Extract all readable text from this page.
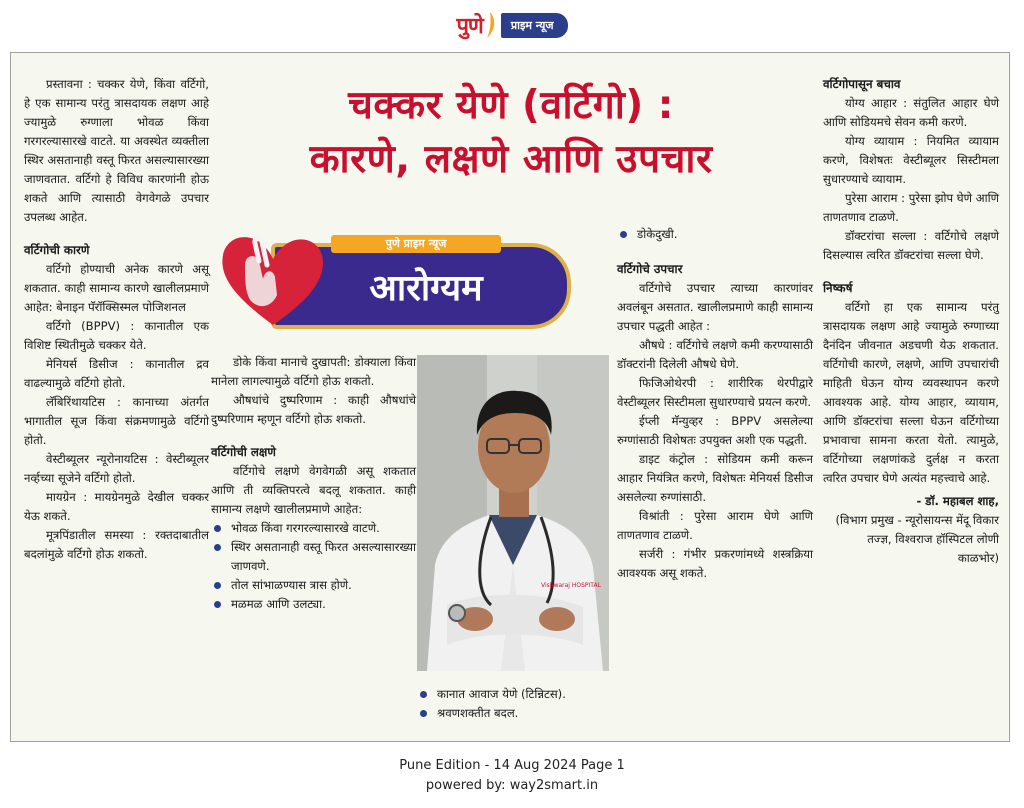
पुणे	प्राइम न्यूज

प्रस्तावना : चक्कर येणे, किंवा वर्टिगो, हे एक सामान्य परंतु त्रासदायक लक्षण आहे ज्यामुळे रुग्णाला भोवळ किंवा गरगरल्यासारखे वाटते. या अवस्थेत व्यक्तीला स्थिर असतानाही वस्तू फिरत असल्यासारख्या जाणवतात. वर्टिगो हे विविध कारणांनी होऊ शकते आणि त्यासाठी वेगवेगळे उपचार उपलब्ध आहेत.

वर्टिगोची कारणे

वर्टिगो होण्याची अनेक कारणे असू शकतात. काही सामान्य कारणे खालीलप्रमाणे आहेत: बेनाइन पॅरॉक्सिस्मल पोजिशनल

वर्टिगो (BPPV) : कानातील एक विशिष्ट स्थितीमुळे चक्कर येते.

मेनियर्स डिसीज : कानातील द्रव वाढल्यामुळे वर्टिगो होतो.

लॅबिरिंथायटिस : कानाच्या अंतर्गत भागातील सूज किंवा संक्रमणामुळे वर्टिगो होतो.

वेस्टीब्यूलर न्यूरोनायटिस : वेस्टीब्यूलर नर्व्हच्या सूजेने वर्टिगो होतो.

मायग्रेन : मायग्रेनमुळे देखील चक्कर येऊ शकते.

मूत्रपिंडातील समस्या : रक्तदाबातील बदलांमुळे वर्टिगो होऊ शकतो.

चक्कर येणे (वर्टिगो) :
कारणे, लक्षणे आणि उपचार
पुणे प्राइम न्यूज
आरोग्यम

डोके किंवा मानाचे दुखापती: डोक्याला किंवा मानेला लागल्यामुळे वर्टिगो होऊ शकतो.

औषधांचे दुष्परिणाम : काही औषधांचे दुष्परिणाम म्हणून वर्टिगो होऊ शकतो.

वर्टिगोची लक्षणे

वर्टिगोचे लक्षणे वेगवेगळी असू शकतात आणि ती व्यक्तिपरत्वे बदलू शकतात. काही सामान्य लक्षणे खालीलप्रमाणे आहेत:

भोवळ किंवा गरगरल्यासारखे वाटणे.
स्थिर असतानाही वस्तू फिरत असल्यासारख्या जाणवणे.
तोल सांभाळण्यास त्रास होणे.
मळमळ आणि उलट्या.
Vishwaraj HOSPITAL
कानात आवाज येणे (टिन्निटस).
श्रवणशक्तीत बदल.
डोकेदुखी.
वर्टिगोचे उपचार

वर्टिगोचे उपचार त्याच्या कारणांवर अवलंबून असतात. खालीलप्रमाणे काही सामान्य उपचार पद्धती आहेत :

औषधे : वर्टिगोचे लक्षणे कमी करण्यासाठी डॉक्टरांनी दिलेली औषधे घेणे.

फिजिओथेरपी : शारीरिक थेरपीद्वारे वेस्टीब्यूलर सिस्टीमला सुधारण्याचे प्रयत्न करणे.

ईप्ली मॅन्युव्हर : BPPV असलेल्या रुग्णांसाठी विशेषतः उपयुक्त अशी एक पद्धती.

डाइट कंट्रोल : सोडियम कमी करून आहार नियंत्रित करणे, विशेषतः मेनियर्स डिसीज असलेल्या रुग्णांसाठी.

विश्रांती : पुरेसा आराम घेणे आणि ताणतणाव टाळणे.

सर्जरी : गंभीर प्रकरणांमध्ये शस्त्रक्रिया आवश्यक असू शकते.

वर्टिगोपासून बचाव

योग्य आहार : संतुलित आहार घेणे आणि सोडियमचे सेवन कमी करणे.

योग्य व्यायाम : नियमित व्यायाम करणे, विशेषतः वेस्टीब्यूलर सिस्टीमला सुधारण्याचे व्यायाम.

पुरेसा आराम : पुरेसा झोप घेणे आणि ताणतणाव टाळणे.

डॉक्टरांचा सल्ला : वर्टिगोचे लक्षणे दिसल्यास त्वरित डॉक्टरांचा सल्ला घेणे.

निष्कर्ष

वर्टिगो हा एक सामान्य परंतु त्रासदायक लक्षण आहे ज्यामुळे रुग्णाच्या दैनंदिन जीवनात अडचणी येऊ शकतात. वर्टिगोची कारणे, लक्षणे, आणि उपचारांची माहिती घेऊन योग्य व्यवस्थापन करणे आवश्यक आहे. योग्य आहार, व्यायाम, आणि डॉक्टरांचा सल्ला घेऊन वर्टिगोच्या प्रभावाचा सामना करता येतो. त्यामुळे, वर्टिगोच्या लक्षणांकडे दुर्लक्ष न करता त्वरित उपचार घेणे अत्यंत महत्त्वाचे आहे.

- डॉ. महाबल शाह,
(विभाग प्रमुख - न्यूरोसायन्स मेंदू विकार तज्ज्ञ, विश्वराज हॉस्पिटल लोणी काळभोर)
Pune Edition - 14 Aug 2024 Page 1
powered by: way2smart.in
